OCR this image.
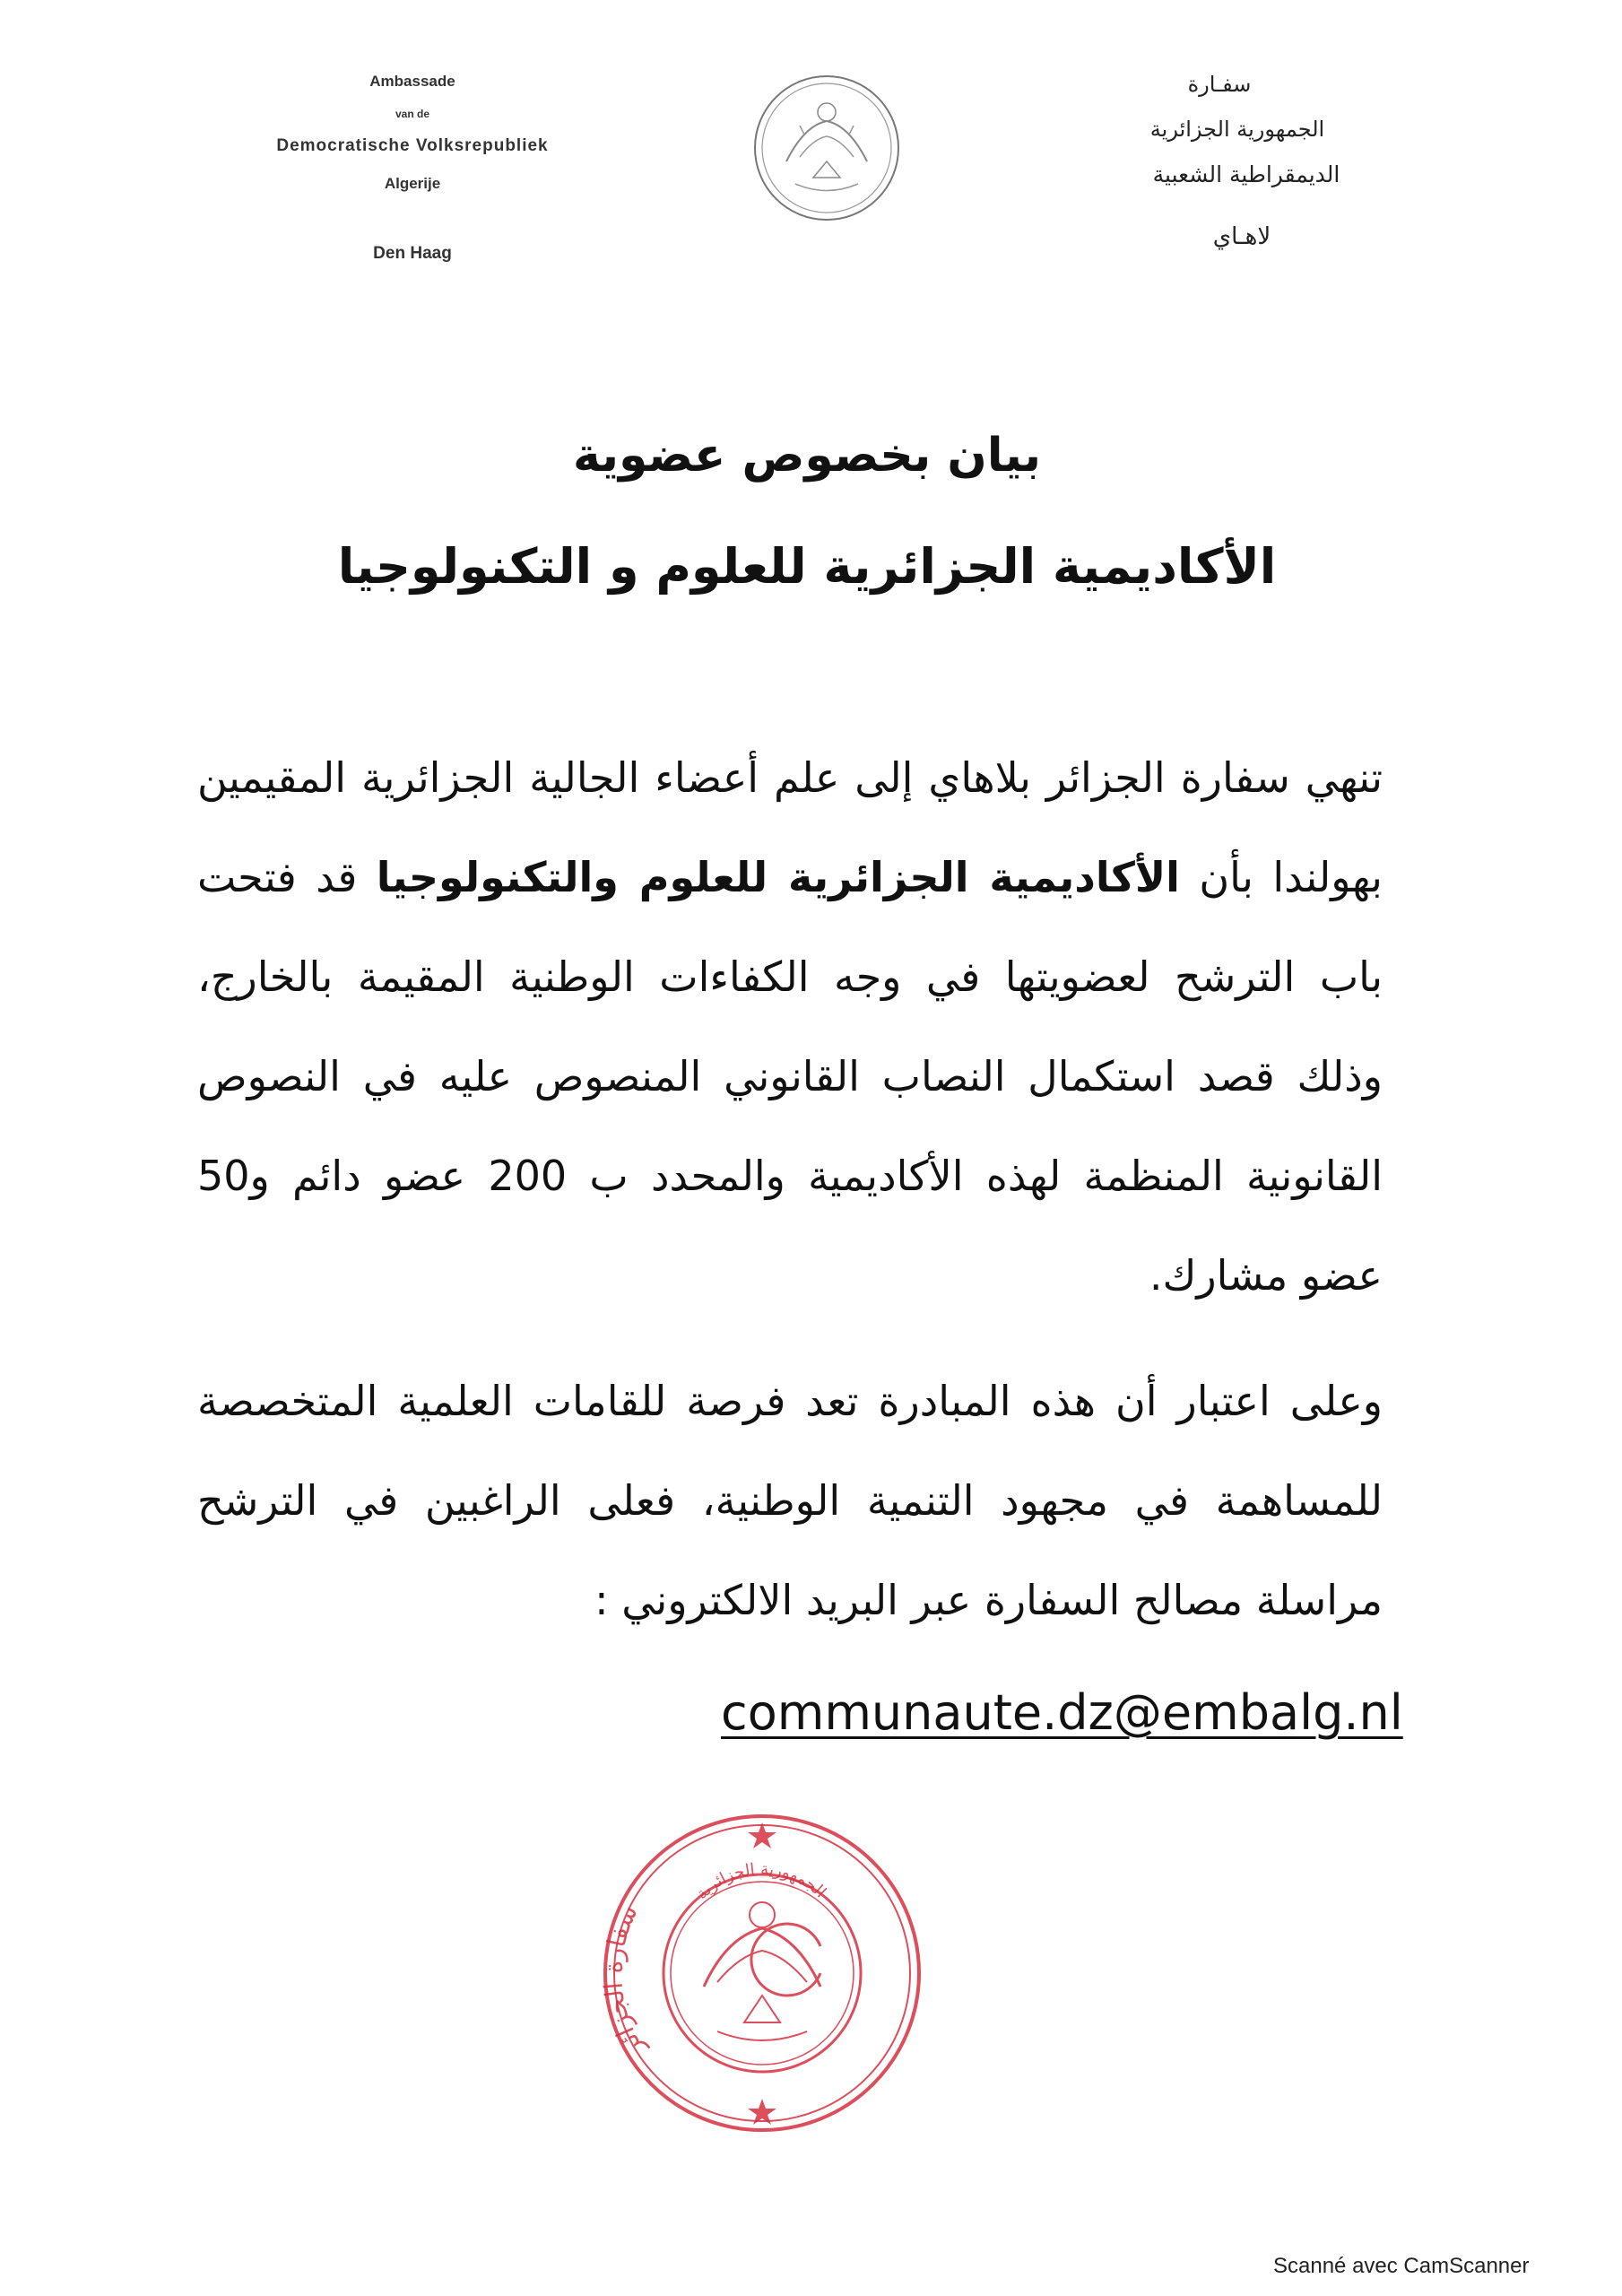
Ambassade
van de
Democratische Volksrepubliek
Algerije
Den Haag
سفـارة
الجمهورية الجزائرية
الديمقراطية الشعبية
لاهـاي
بيان بخصوص عضوية
الأكاديمية الجزائرية للعلوم و التكنولوجيا
تنهي سفارة الجزائر بلاهاي إلى علم أعضاء الجالية الجزائرية المقيمين بهولندا بأن الأكاديمية الجزائرية للعلوم والتكنولوجيا قد فتحت باب الترشح لعضويتها في وجه الكفاءات الوطنية المقيمة بالخارج، وذلك قصد استكمال النصاب القانوني المنصوص عليه في النصوص القانونية المنظمة لهذه الأكاديمية والمحدد ب 200 عضو دائم و50 عضو مشارك.
وعلى اعتبار أن هذه المبادرة تعد فرصة للقامات العلمية المتخصصة للمساهمة في مجهود التنمية الوطنية، فعلى الراغبين في الترشح مراسلة مصالح السفارة عبر البريد الالكتروني :
communaute.dz@embalg.nl
سفارة الجزائر
الجمهورية الجزائرية
Scanné avec CamScanner
